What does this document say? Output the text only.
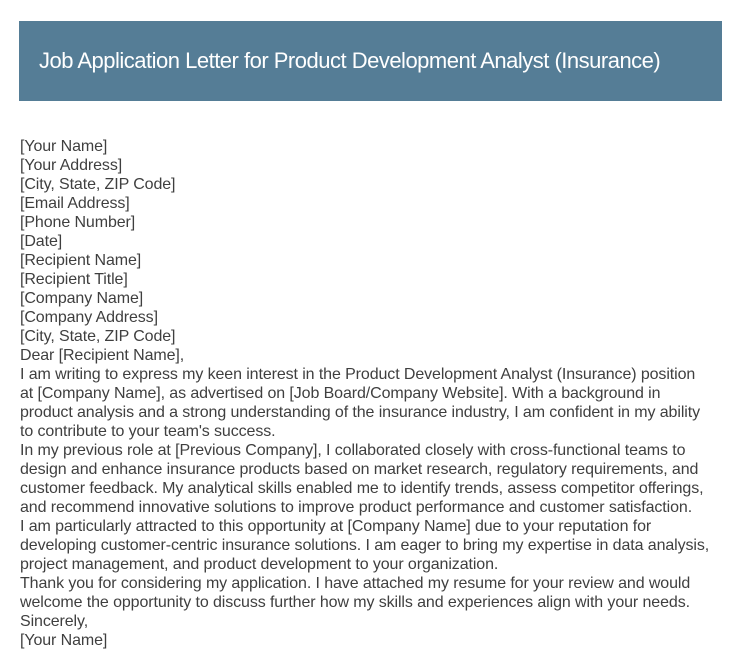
Job Application Letter for Product Development Analyst (Insurance)
[Your Name]
[Your Address]
[City, State, ZIP Code]
[Email Address]
[Phone Number]
[Date]
[Recipient Name]
[Recipient Title]
[Company Name]
[Company Address]
[City, State, ZIP Code]
Dear [Recipient Name],
I am writing to express my keen interest in the Product Development Analyst (Insurance) position
at [Company Name], as advertised on [Job Board/Company Website]. With a background in
product analysis and a strong understanding of the insurance industry, I am confident in my ability
to contribute to your team's success.
In my previous role at [Previous Company], I collaborated closely with cross-functional teams to
design and enhance insurance products based on market research, regulatory requirements, and
customer feedback. My analytical skills enabled me to identify trends, assess competitor offerings,
and recommend innovative solutions to improve product performance and customer satisfaction.
I am particularly attracted to this opportunity at [Company Name] due to your reputation for
developing customer-centric insurance solutions. I am eager to bring my expertise in data analysis,
project management, and product development to your organization.
Thank you for considering my application. I have attached my resume for your review and would
welcome the opportunity to discuss further how my skills and experiences align with your needs.
Sincerely,
[Your Name]
